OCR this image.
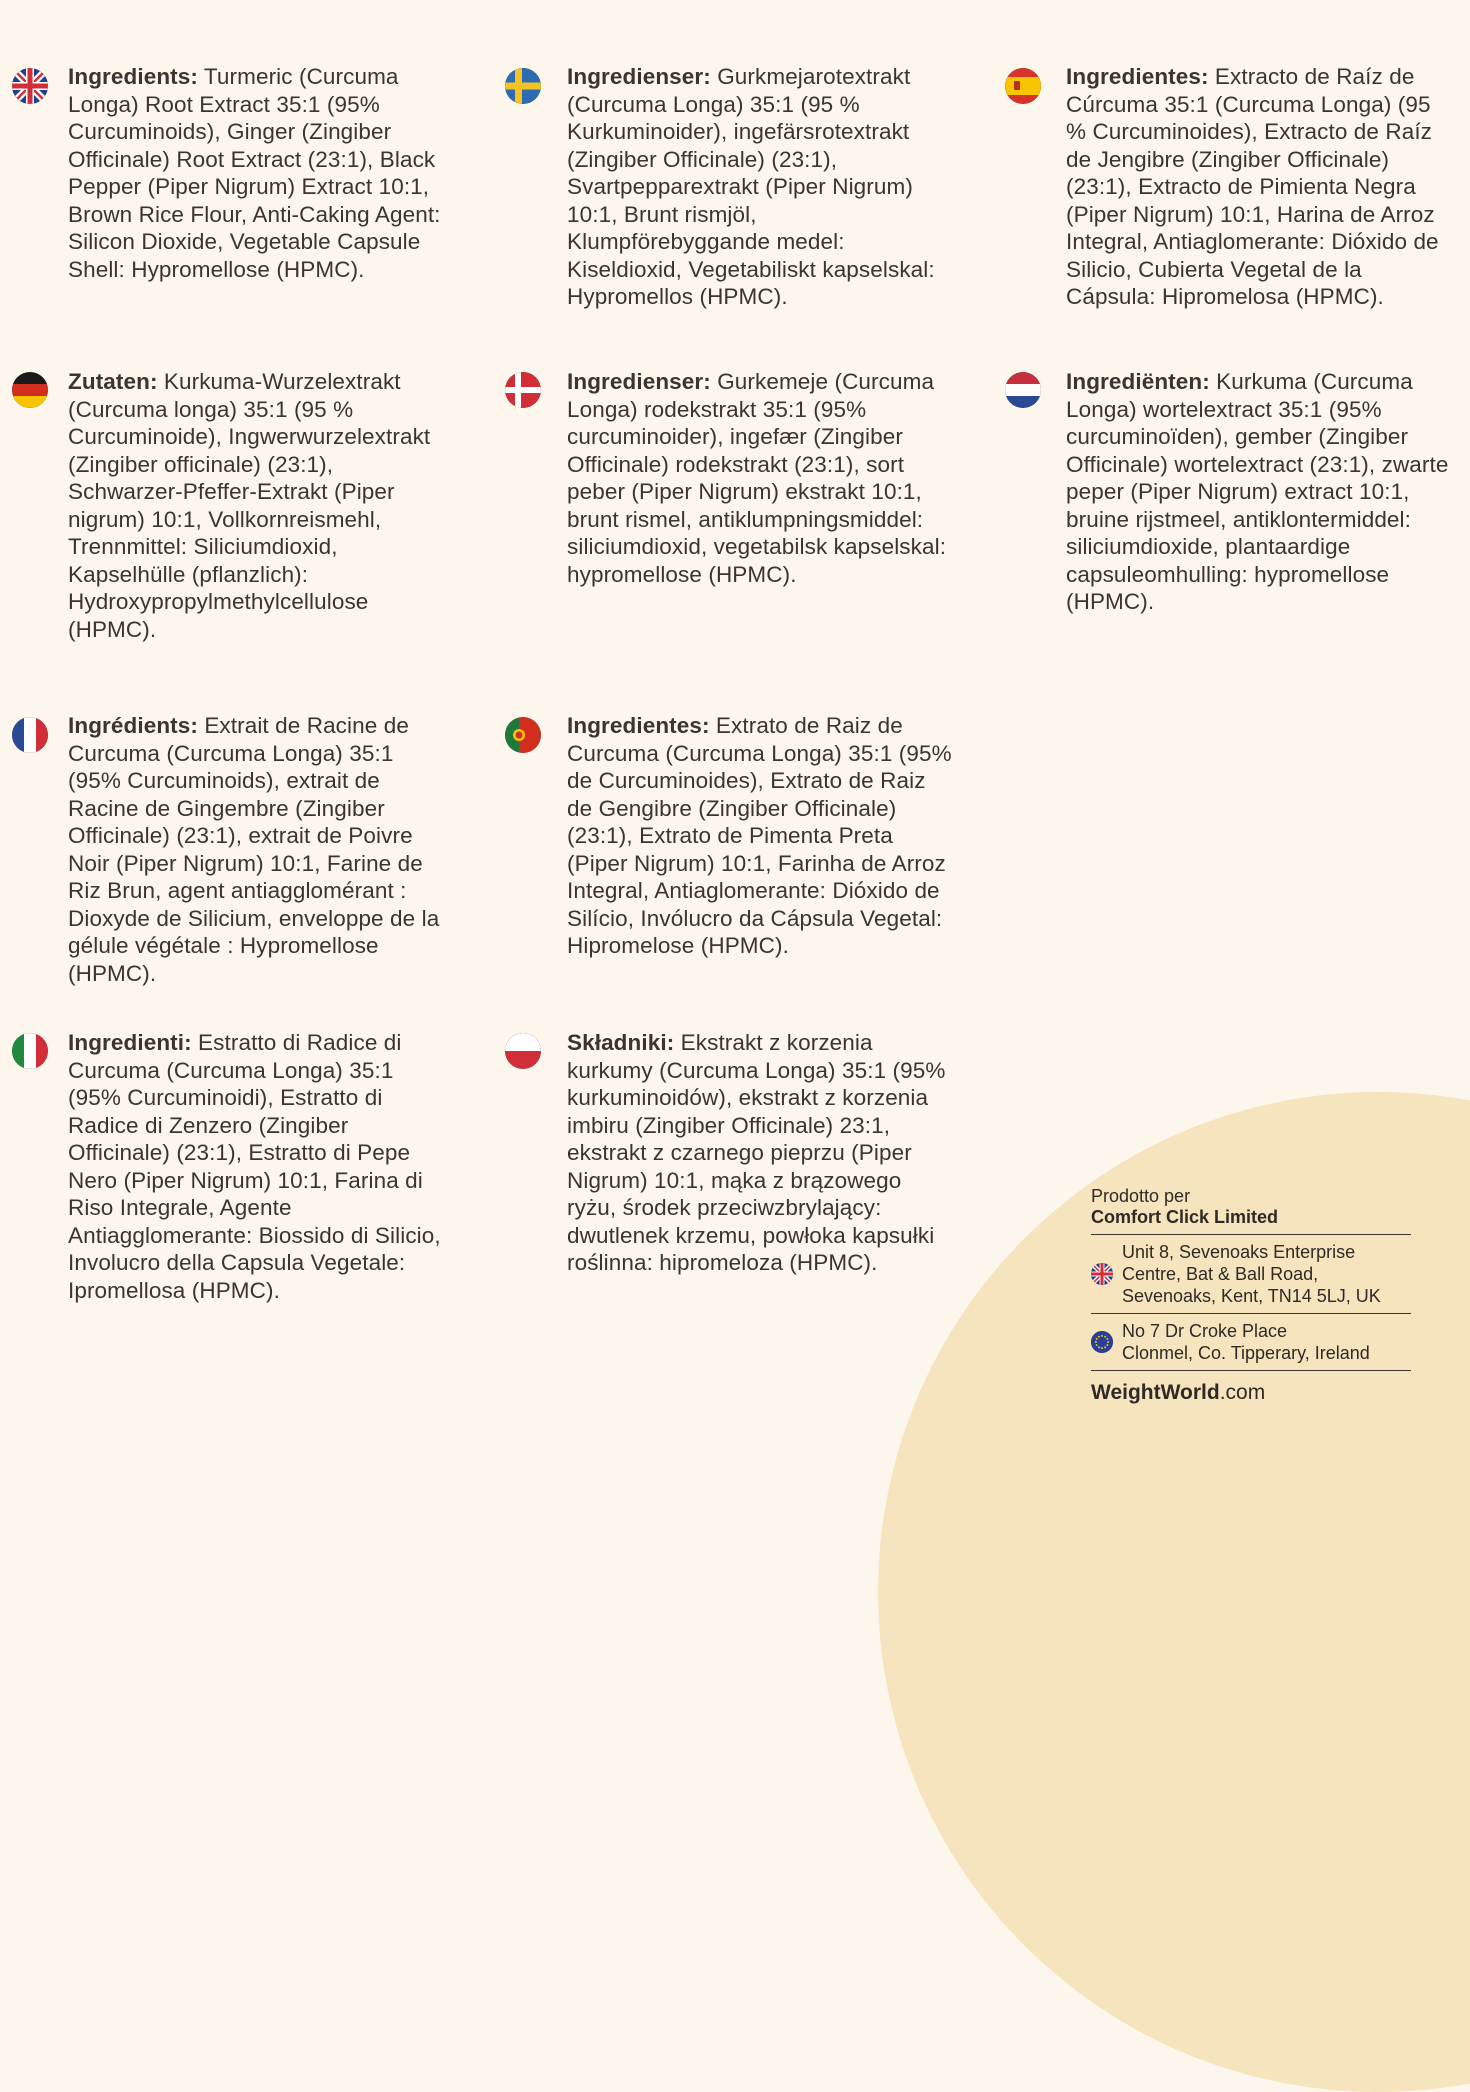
Ingredients: Turmeric (Curcuma Longa) Root Extract 35:1 (95% Curcuminoids), Ginger (Zingiber Officinale) Root Extract (23:1), Black Pepper (Piper Nigrum) Extract 10:1, Brown Rice Flour, Anti-Caking Agent: Silicon Dioxide, Vegetable Capsule Shell: Hypromellose (HPMC).
Ingredienser: Gurkmejarotextrakt (Curcuma Longa) 35:1 (95 % Kurkuminoider), ingefärsrotextrakt (Zingiber Officinale) (23:1), Svartpepparextrakt (Piper Nigrum) 10:1, Brunt rismjöl, Klumpförebyggande medel: Kiseldioxid, Vegetabiliskt kapselskal: Hypromellos (HPMC).
Ingredientes: Extracto de Raíz de Cúrcuma 35:1 (Curcuma Longa) (95 % Curcuminoides), Extracto de Raíz de Jengibre (Zingiber Officinale) (23:1), Extracto de Pimienta Negra (Piper Nigrum) 10:1, Harina de Arroz Integral, Antiaglomerante: Dióxido de Silicio, Cubierta Vegetal de la Cápsula: Hipromelosa (HPMC).
Zutaten: Kurkuma-Wurzelextrakt (Curcuma longa) 35:1 (95 % Curcuminoide), Ingwerwurzelextrakt (Zingiber officinale) (23:1), Schwarzer-Pfeffer-Extrakt (Piper nigrum) 10:1, Vollkornreismehl, Trennmittel: Siliciumdioxid, Kapselhülle (pflanzlich): Hydroxypropylmethylcellulose (HPMC).
Ingredienser: Gurkemeje (Curcuma Longa) rodekstrakt 35:1 (95% curcuminoider), ingefær (Zingiber Officinale) rodekstrakt (23:1), sort peber (Piper Nigrum) ekstrakt 10:1, brunt rismel, antiklumpningsmiddel: siliciumdioxid, vegetabilsk kapselskal: hypromellose (HPMC).
Ingrediënten: Kurkuma (Curcuma Longa) wortelextract 35:1 (95% curcuminoïden), gember (Zingiber Officinale) wortelextract (23:1), zwarte peper (Piper Nigrum) extract 10:1, bruine rijstmeel, antiklontermiddel: siliciumdioxide, plantaardige capsuleomhulling: hypromellose (HPMC).
Ingrédients: Extrait de Racine de Curcuma (Curcuma Longa) 35:1 (95% Curcuminoids), extrait de Racine de Gingembre (Zingiber Officinale) (23:1), extrait de Poivre Noir (Piper Nigrum) 10:1, Farine de Riz Brun, agent antiagglomérant : Dioxyde de Silicium, enveloppe de la gélule végétale : Hypromellose (HPMC).
Ingredientes: Extrato de Raiz de Curcuma (Curcuma Longa) 35:1 (95% de Curcuminoides), Extrato de Raiz de Gengibre (Zingiber Officinale) (23:1), Extrato de Pimenta Preta (Piper Nigrum) 10:1, Farinha de Arroz Integral, Antiaglomerante: Dióxido de Silício, Invólucro da Cápsula Vegetal: Hipromelose (HPMC).
Ingredienti: Estratto di Radice di Curcuma (Curcuma Longa) 35:1 (95% Curcuminoidi), Estratto di Radice di Zenzero (Zingiber Officinale) (23:1), Estratto di Pepe Nero (Piper Nigrum) 10:1, Farina di Riso Integrale, Agente Antiagglomerante: Biossido di Silicio, Involucro della Capsula Vegetale: Ipromellosa (HPMC).
Składniki: Ekstrakt z korzenia kurkumy (Curcuma Longa) 35:1 (95% kurkuminoidów), ekstrakt z korzenia imbiru (Zingiber Officinale) 23:1, ekstrakt z czarnego pieprzu (Piper Nigrum) 10:1, mąka z brązowego ryżu, środek przeciwzbrylający: dwutlenek krzemu, powłoka kapsułki roślinna: hipromeloza (HPMC).
Prodotto per
Comfort Click Limited
Unit 8, Sevenoaks Enterprise
Centre, Bat & Ball Road,
Sevenoaks, Kent, TN14 5LJ, UK
No 7 Dr Croke Place
Clonmel, Co. Tipperary, Ireland
WeightWorld.com
